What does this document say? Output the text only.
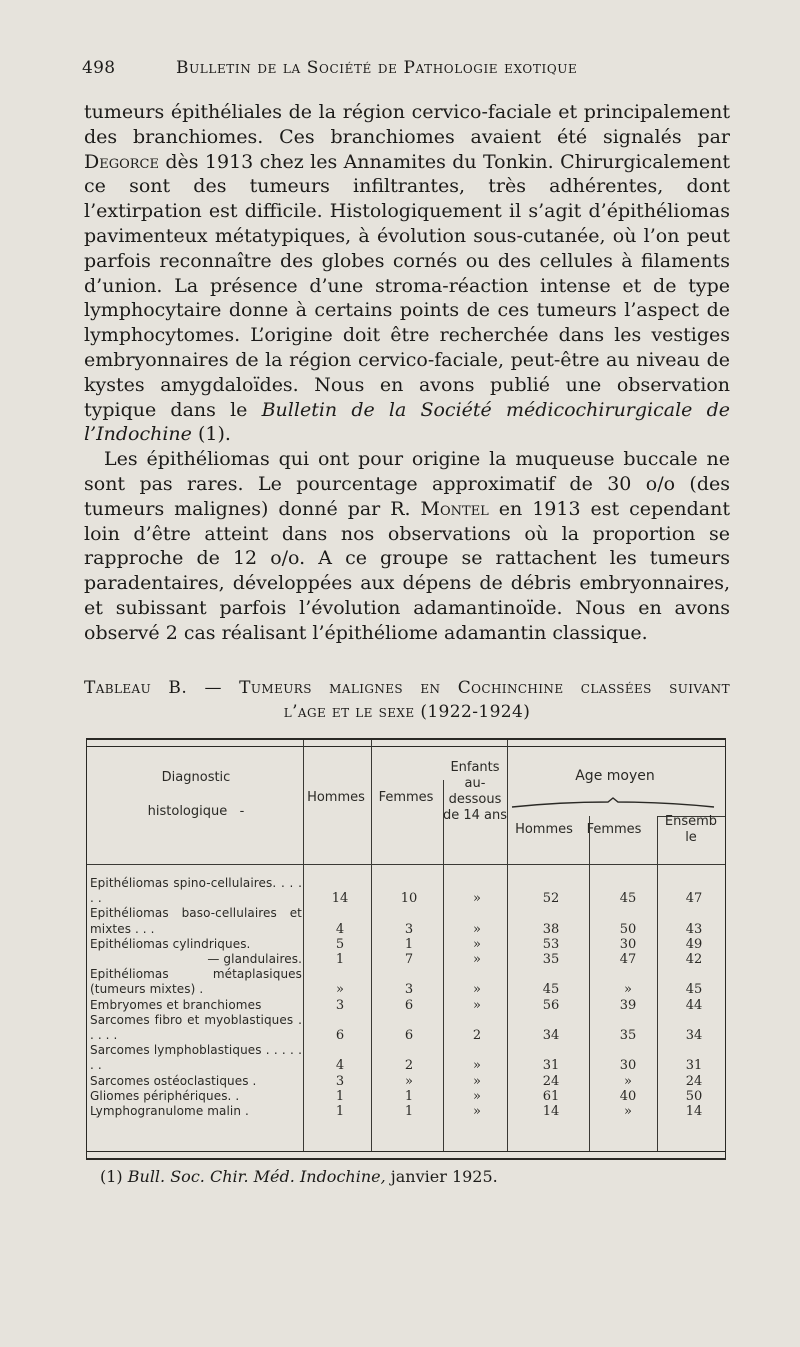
498	Bulletin de la Société de Pathologie exotique

tumeurs épithéliales de la région cervico-faciale et principalement des branchiomes. Ces branchiomes avaient été signalés par Degorce dès 1913 chez les Annamites du Tonkin. Chirurgicalement ce sont des tumeurs infiltrantes, très adhérentes, dont l’extirpation est difficile. Histologiquement il s’agit d’épithéliomas pavimenteux métatypiques, à évolution sous-cutanée, où l’on peut parfois reconnaître des globes cornés ou des cellules à filaments d’union. La présence d’une stroma-réaction intense et de type lymphocytaire donne à certains points de ces tumeurs l’aspect de lymphocytomes. L’origine doit être recherchée dans les vestiges embryonnaires de la région cervico-faciale, peut-être au niveau de kystes amygdaloïdes. Nous en avons publié une observation typique dans le Bulletin de la Société médicochirurgicale de l’Indochine (1).

Les épithéliomas qui ont pour origine la muqueuse buccale ne sont pas rares. Le pourcentage approximatif de 30 o/o (des tumeurs malignes) donné par R. Montel en 1913 est cependant loin d’être atteint dans nos observations où la proportion se rapproche de 12 o/o. A ce groupe se rattachent les tumeurs paradentaires, développées aux dépens de débris embryonnaires, et subissant parfois l’évolution adamantinoïde. Nous en avons observé 2 cas réalisant l’épithéliome adamantin classique.

Tableau B. — Tumeurs malignes en Cochinchine classées suivant
l’age et le sexe (1922-1924)
Diagnostic
histologique -
Hommes	Femmes
Enfants au-dessous de 14 ans
Age moyen
Hommes	Femmes
Ensemble
Epithéliomas spino-cellulaires. . . . . .	14	10	»	52	45	47
Epithéliomas baso-cellulaires et mixtes . . .	4	3	»	38	50	43
Epithéliomas cylindriques.	5	1	»	53	30	49
— glandulaires.	1	7	»	35	47	42
Epithéliomas métaplasiques (tumeurs mixtes) .	»	3	»	45	»	45
Embryomes et branchiomes	3	6	»	56	39	44
Sarcomes fibro et myoblastiques . . . . .	6	6	2	34	35	34
Sarcomes lymphoblastiques . . . . . . .	4	2	»	31	30	31
Sarcomes ostéoclastiques .	3	»	»	24	»	24
Gliomes périphériques. .	1	1	»	61	40	50
Lymphogranulome malin .	1	1	»	14	»	14
(1) Bull. Soc. Chir. Méd. Indochine, janvier 1925.
